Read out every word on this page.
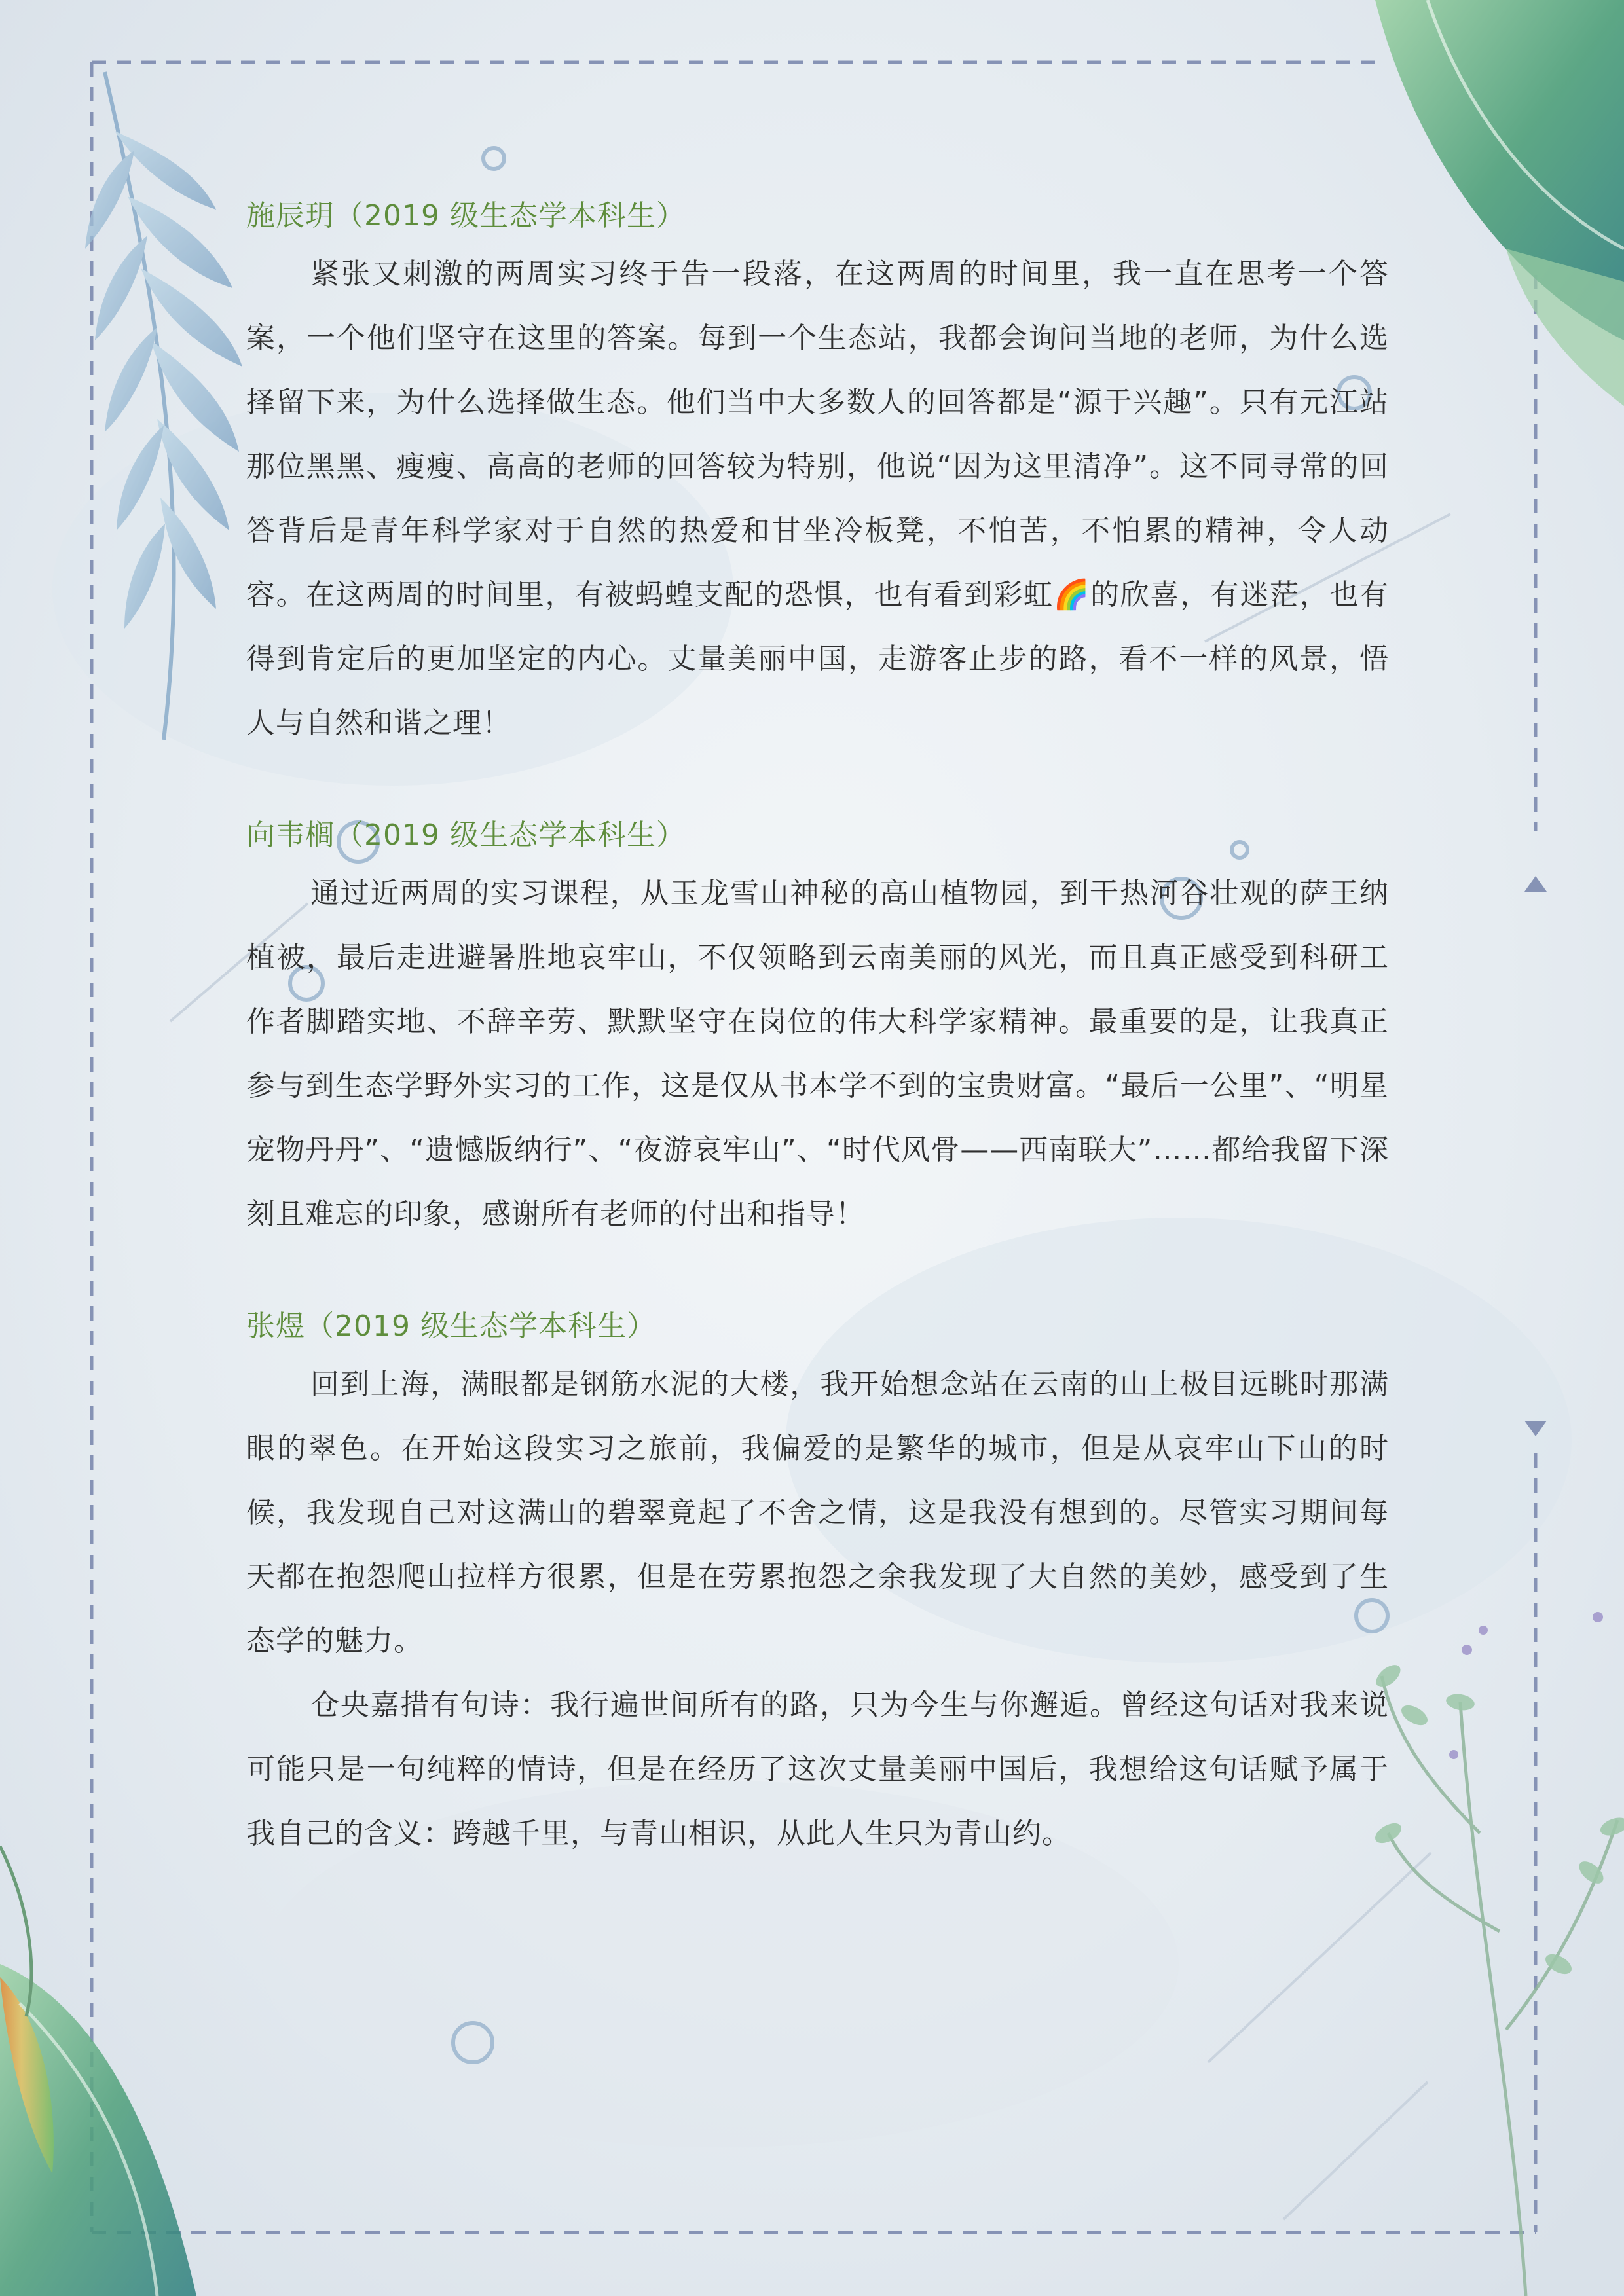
施辰玥（2019 级生态学本科生）

紧张又刺激的两周实习终于告一段落，在这两周的时间里，我一直在思考一个答案，一个他们坚守在这里的答案。每到一个生态站，我都会询问当地的老师，为什么选择留下来，为什么选择做生态。他们当中大多数人的回答都是“源于兴趣”。只有元江站那位黑黑、瘦瘦、高高的老师的回答较为特别，他说“因为这里清净”。这不同寻常的回答背后是青年科学家对于自然的热爱和甘坐冷板凳，不怕苦，不怕累的精神，令人动容。在这两周的时间里，有被蚂蝗支配的恐惧，也有看到彩虹🌈的欣喜，有迷茫，也有得到肯定后的更加坚定的内心。丈量美丽中国，走游客止步的路，看不一样的风景，悟人与自然和谐之理！

向韦榈（2019 级生态学本科生）

通过近两周的实习课程，从玉龙雪山神秘的高山植物园，到干热河谷壮观的萨王纳植被，最后走进避暑胜地哀牢山，不仅领略到云南美丽的风光，而且真正感受到科研工作者脚踏实地、不辞辛劳、默默坚守在岗位的伟大科学家精神。最重要的是，让我真正参与到生态学野外实习的工作，这是仅从书本学不到的宝贵财富。“最后一公里”、“明星宠物丹丹”、“遗憾版纳行”、“夜游哀牢山”、“时代风骨——西南联大”……都给我留下深刻且难忘的印象，感谢所有老师的付出和指导！

张煜（2019 级生态学本科生）

回到上海，满眼都是钢筋水泥的大楼，我开始想念站在云南的山上极目远眺时那满眼的翠色。在开始这段实习之旅前，我偏爱的是繁华的城市，但是从哀牢山下山的时候，我发现自己对这满山的碧翠竟起了不舍之情，这是我没有想到的。尽管实习期间每天都在抱怨爬山拉样方很累，但是在劳累抱怨之余我发现了大自然的美妙，感受到了生态学的魅力。

仓央嘉措有句诗：我行遍世间所有的路，只为今生与你邂逅。曾经这句话对我来说可能只是一句纯粹的情诗，但是在经历了这次丈量美丽中国后，我想给这句话赋予属于我自己的含义：跨越千里，与青山相识，从此人生只为青山约。
